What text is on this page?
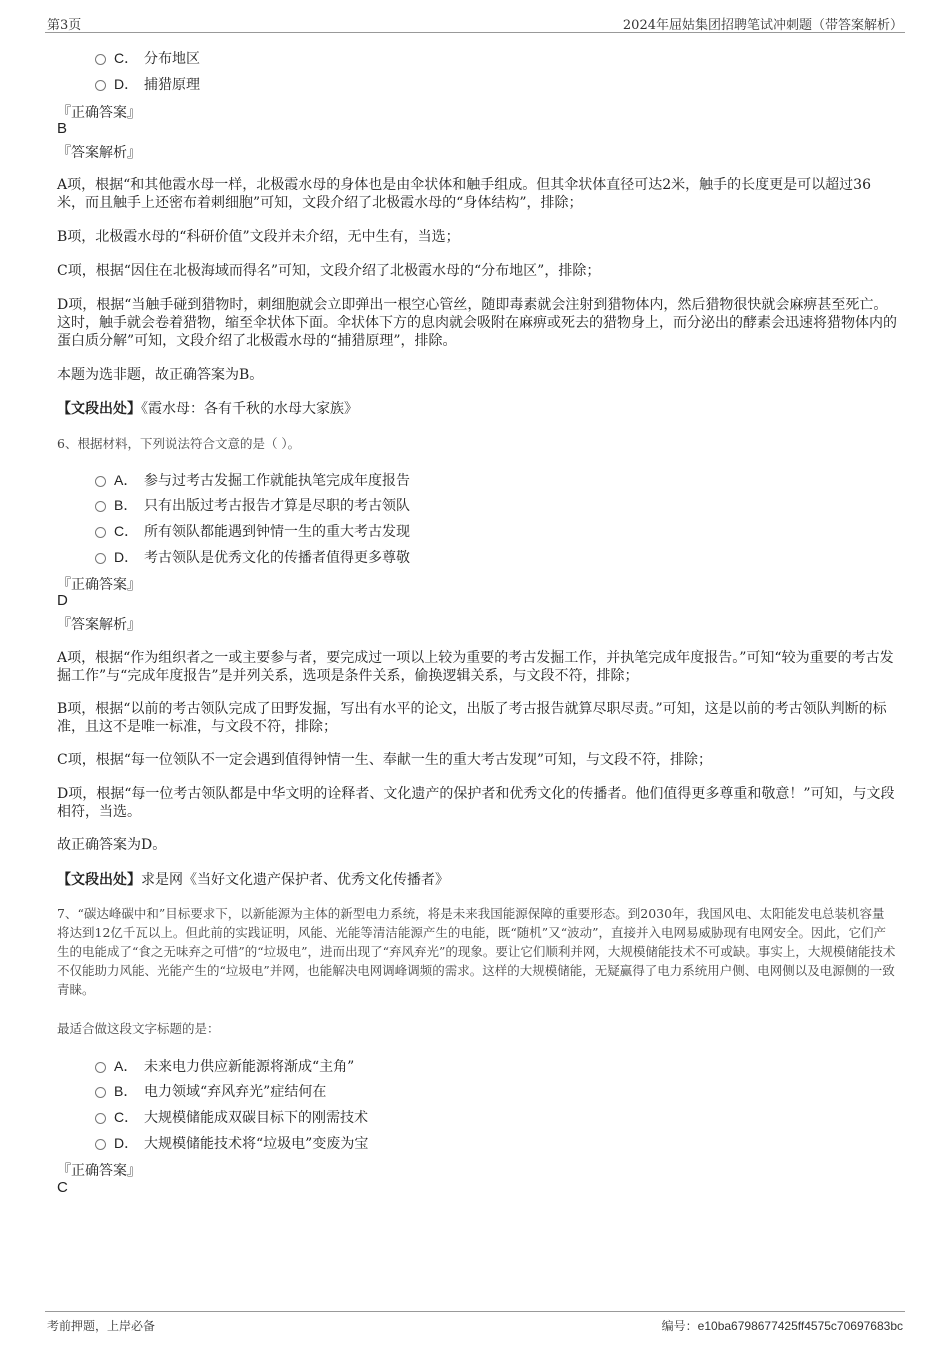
第3页	2024年屈姑集团招聘笔试冲刺题（带答案解析）
C． 分布地区
D． 捕猎原理
『正确答案』
B
『答案解析』
A项，根据“和其他霞水母一样，北极霞水母的身体也是由伞状体和触手组成。但其伞状体直径可达2米，触手的长度更是可以超过36米，而且触手上还密布着刺细胞”可知，文段介绍了北极霞水母的“身体结构”，排除；
B项，北极霞水母的“科研价值”文段并未介绍，无中生有，当选；
C项，根据“因住在北极海域而得名”可知，文段介绍了北极霞水母的“分布地区”，排除；
D项，根据“当触手碰到猎物时，刺细胞就会立即弹出一根空心管丝，随即毒素就会注射到猎物体内，然后猎物很快就会麻痹甚至死亡。这时，触手就会卷着猎物，缩至伞状体下面。伞状体下方的息肉就会吸附在麻痹或死去的猎物身上，而分泌出的酵素会迅速将猎物体内的蛋白质分解”可知，文段介绍了北极霞水母的“捕猎原理”，排除。
本题为选非题，故正确答案为B。
【文段出处】《霞水母：各有千秋的水母大家族》
6、根据材料，下列说法符合文意的是（ ）。
A． 参与过考古发掘工作就能执笔完成年度报告
B． 只有出版过考古报告才算是尽职的考古领队
C． 所有领队都能遇到钟情一生的重大考古发现
D． 考古领队是优秀文化的传播者值得更多尊敬
『正确答案』
D
『答案解析』
A项，根据“作为组织者之一或主要参与者，要完成过一项以上较为重要的考古发掘工作，并执笔完成年度报告。”可知“较为重要的考古发掘工作”与“完成年度报告”是并列关系，选项是条件关系，偷换逻辑关系，与文段不符，排除；
B项，根据“以前的考古领队完成了田野发掘，写出有水平的论文，出版了考古报告就算尽职尽责。”可知，这是以前的考古领队判断的标准，且这不是唯一标准，与文段不符，排除；
C项，根据“每一位领队不一定会遇到值得钟情一生、奉献一生的重大考古发现”可知，与文段不符，排除；
D项，根据“每一位考古领队都是中华文明的诠释者、文化遗产的保护者和优秀文化的传播者。他们值得更多尊重和敬意！”可知，与文段相符，当选。
故正确答案为D。
【文段出处】求是网《当好文化遗产保护者、优秀文化传播者》
7、“碳达峰碳中和”目标要求下，以新能源为主体的新型电力系统，将是未来我国能源保障的重要形态。到2030年，我国风电、太阳能发电总装机容量将达到12亿千瓦以上。但此前的实践证明，风能、光能等清洁能源产生的电能，既“随机”又“波动”，直接并入电网易威胁现有电网安全。因此，它们产生的电能成了“食之无味弃之可惜”的“垃圾电”，进而出现了“弃风弃光”的现象。要让它们顺利并网，大规模储能技术不可或缺。事实上，大规模储能技术不仅能助力风能、光能产生的“垃圾电”并网，也能解决电网调峰调频的需求。这样的大规模储能，无疑赢得了电力系统用户侧、电网侧以及电源侧的一致青睐。
最适合做这段文字标题的是：
A． 未来电力供应新能源将渐成“主角”
B． 电力领域“弃风弃光”症结何在
C． 大规模储能成双碳目标下的刚需技术
D． 大规模储能技术将“垃圾电”变废为宝
『正确答案』
C
考前押题，上岸必备	编号：e10ba6798677425ff4575c70697683bc
